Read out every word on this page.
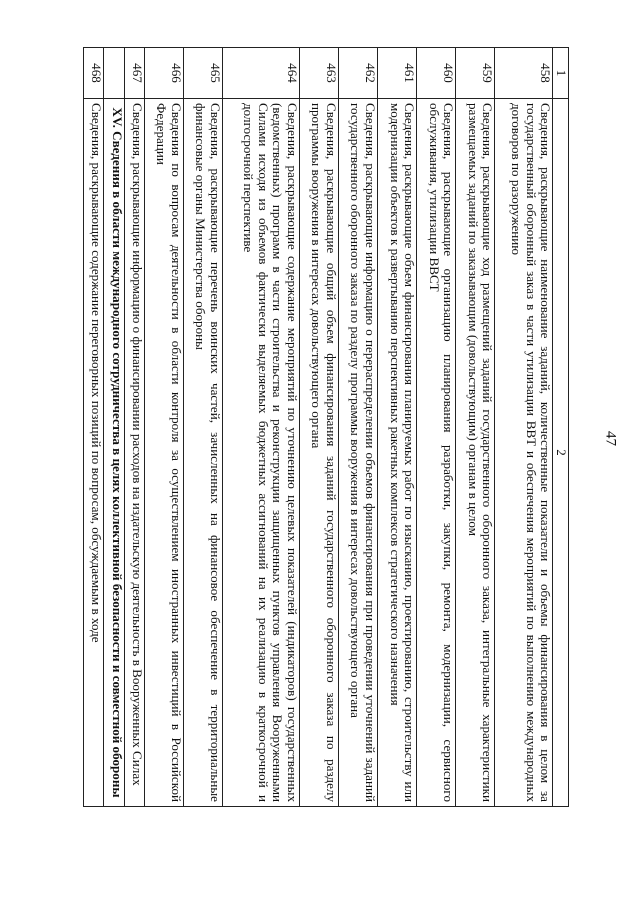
47
1	2
458	Сведения, раскрывающие наименование заданий, количественные показатели и объемы финансирования в целом за государственный оборонный заказ в части утилизации ВВТ и обеспечения мероприятий по выполнению международных договоров по разоружению
459	Сведения, раскрывающие ход размещений заданий государственного оборонного заказа, интегральные характеристики размещаемых заданий по заказывающим (довольствующим) органам в целом
460	Сведения, раскрывающие организацию планирования разработки, закупки, ремонта, модернизации, сервисного обслуживания, утилизации ВВСТ
461	Сведения, раскрывающие объем финансирования планируемых работ по изысканию, проектированию, строительству или модернизации объектов к развертыванию перспективных ракетных комплексов стратегического назначения
462	Сведения, раскрывающие информацию о перераспределении объемов финансирования при проведении уточнений заданий государственного оборонного заказа по разделу программы вооружения в интересах довольствующего органа
463	Сведения, раскрывающие общий объем финансирования заданий государственного оборонного заказа по разделу программы вооружения в интересах довольствующего органа
464	Сведения, раскрывающие содержание мероприятий по уточнению целевых показателей (индикаторов) государственных (ведомственных) программ в части строительства и реконструкции защищенных пунктов управления Вооруженными Силами исходя из объемов фактически выделяемых бюджетных ассигнований на их реализацию в краткосрочной и долгосрочной перспективе
465	Сведения, раскрывающие перечень воинских частей, зачисленных на финансовое обеспечение в территориальные финансовые органы Министерства обороны
466	Сведения по вопросам деятельности в области контроля за осуществлением иностранных инвестиций в Российской Федерации
467	Сведения, раскрывающие информацию о финансировании расходов на издательскую деятельность в Вооруженных Силах
	XV. Сведения в области международного сотрудничества в целях коллективной безопасности и совместной обороны
468	Сведения, раскрывающие содержание переговорных позиций по вопросам, обсуждаемым в ходе
